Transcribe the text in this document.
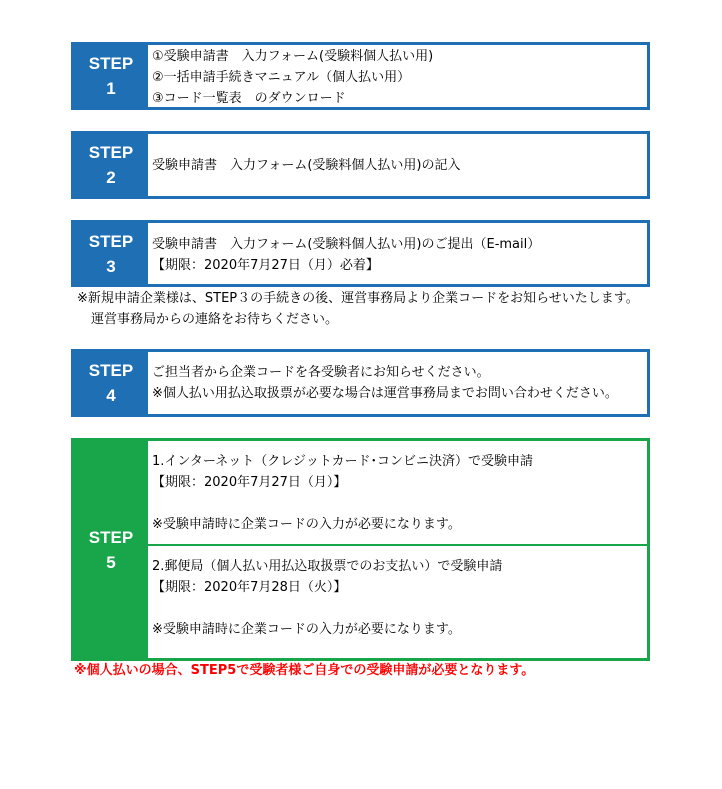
STEP
1
①受験申請書　入力フォーム(受験料個人払い用)
②一括申請手続きマニュアル（個人払い用）
③コード一覧表　のダウンロード
STEP
2
受験申請書　入力フォーム(受験料個人払い用)の記入
STEP
3
受験申請書　入力フォーム(受験料個人払い用)のご提出（E-mail）
【期限：2020年7月27日（月）必着】
※新規申請企業様は、STEP３の手続きの後、運営事務局より企業コードをお知らせいたします。
運営事務局からの連絡をお待ちください。
STEP
4
ご担当者から企業コードを各受験者にお知らせください。
※個人払い用払込取扱票が必要な場合は運営事務局までお問い合わせください。
STEP
5
1.インターネット（クレジットカード･コンビニ決済）で受験申請
【期限：2020年7月27日（月）】
※受験申請時に企業コードの入力が必要になります。
2.郵便局（個人払い用払込取扱票でのお支払い）で受験申請
【期限：2020年7月28日（火）】
※受験申請時に企業コードの入力が必要になります。
※個人払いの場合、STEP5で受験者様ご自身での受験申請が必要となります。
